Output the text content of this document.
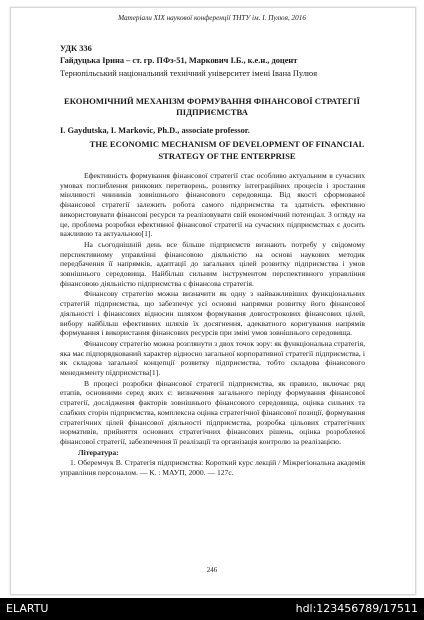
Матеріали XIX наукової конференції ТНТУ ім. І. Пулюя, 2016
УДК 336
Гайдуцька Ірина – ст. гр. ПФз-51, Маркович І.Б., к.е.н., доцент
Тернопільський національний технічний університет імені Івана Пулюя
ЕКОНОМІЧНИЙ МЕХАНІЗМ ФОРМУВАННЯ ФІНАНСОВОЇ СТРАТЕГІЇ ПІДПРИЄМСТВА
I. Gaydutska, I. Markovic, Ph.D., associate professor.
THE ECONOMIC MECHANISM OF DEVELOPMENT OF FINANCIAL STRATEGY OF THE ENTERPRISE

Ефективність формування фінансової стратегії стає особливо актуальним в сучасних умовах поглиблення ринкових перетворень, розвитку інтеграційних процесів і зростання мінливості чинників зовнішнього фінансового середовища. Від якості сформованої фінансової стратегії залежить робота самого підприємства та здатність ефективно використовувати фінансові ресурси та реалізовувати свій економічний потенціал. З огляду на це, проблема розробки ефективної фінансової стратегії на сучасних підприємствах є досить важливою та актуальною[1].

На сьогоднішній день все більше підприємств визнають потребу у свідомому перспективному управлінні фінансовою діяльністю на основі наукових методик передбачення її напрямків, адаптації до загальних цілей розвитку підприємства і умов зовнішнього середовища. Найбільш сильним інструментом перспективного управління фінансовою діяльністю підприємства є фінансова стратегія.

Фінансову стратегію можна визначити як одну з найважливіших функціональних стратегій підприємства, що забезпечує усі основні напрямки розвитку його фінансової діяльності і фінансових відносин шляхом формування довгострокових фінансових цілей, вибору найбільш ефективних шляхів їх досягнення, адекватного коригування напрямів формування і використання фінансових ресурсів при зміні умов зовнішнього середовища.

Фінансову стратегію можна розглянути з двох точок зору: як функціональна стратегія, яка має підпорядкований характер відносно загальної корпоративної стратегії підприємства, і як складова загальної концепції розвитку підприємства, тобто складова фінансового менеджменту підприємства[1].

В процесі розробки фінансової стратегії підприємства, як правило, включає ряд етапів, основними серед яких є: визначення загального періоду формування фінансової стратегії, дослідження факторів зовнішнього фінансового середовища, оцінка сильних та слабких сторін підприємства, комплексна оцінка стратегічної фінансової позиції, формування стратегічних цілей фінансової діяльності підприємства, розробка цільових стратегічних нормативів, прийняття основних стратегічних фінансових рішень, оцінка розробленої фінансової стратегії, забезпечення її реалізації та організація контролю за реалізацією.

Література:

1. Оберемчук В. Стратегія підприємства: Короткий курс лекцій / Міжрегіональна академія управління персоналом. — К. : МАУП, 2000. — 127с.

246
ELARTU	hdl:123456789/17511
